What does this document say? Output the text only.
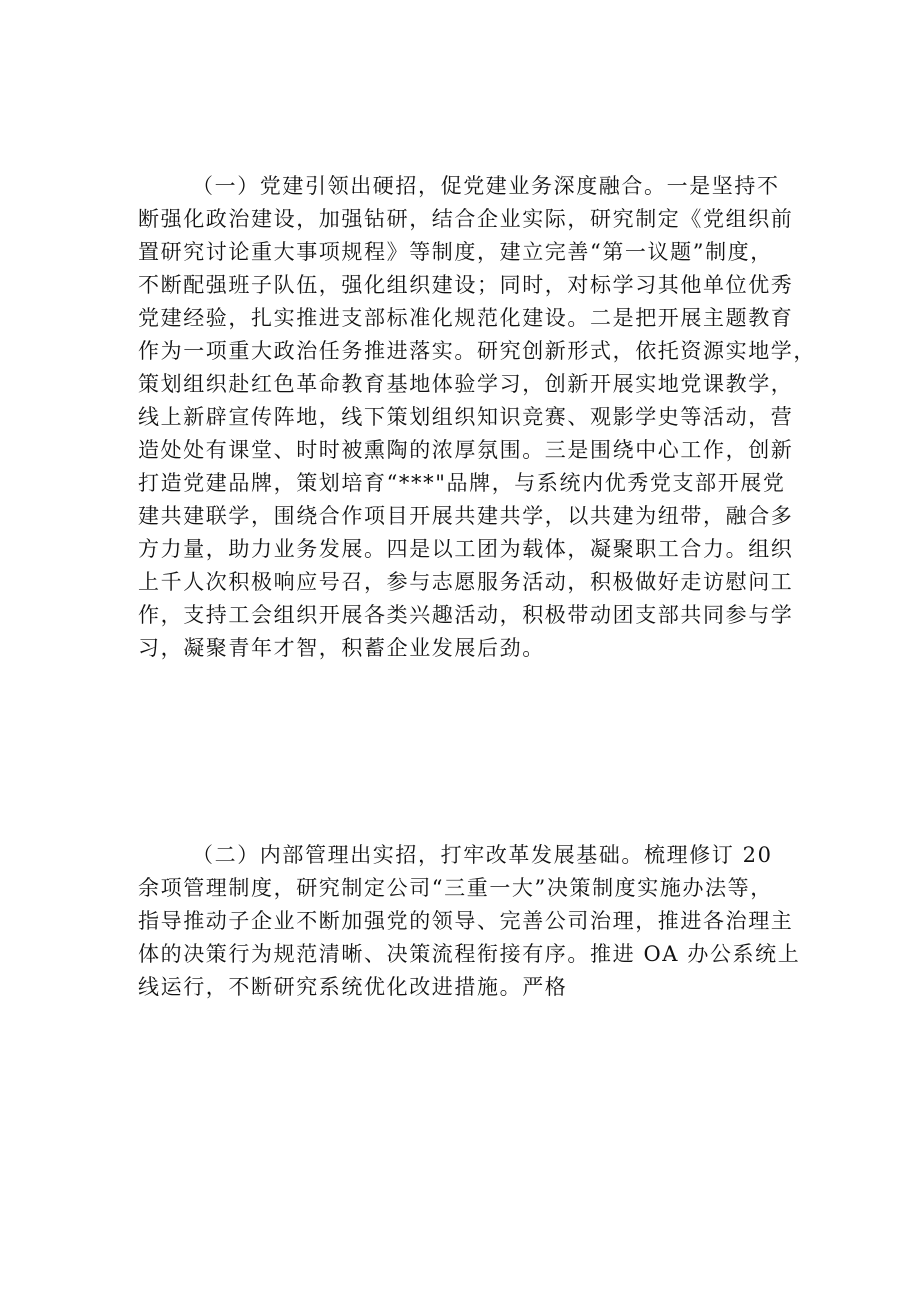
（一）党建引领出硬招，促党建业务深度融合。一是坚持不
断强化政治建设，加强钻研，结合企业实际，研究制定《党组织前
置研究讨论重大事项规程》等制度，建立完善“第一议题”制度，
不断配强班子队伍，强化组织建设；同时，对标学习其他单位优秀
党建经验，扎实推进支部标准化规范化建设。二是把开展主题教育
作为一项重大政治任务推进落实。研究创新形式，依托资源实地学，
策划组织赴红色革命教育基地体验学习，创新开展实地党课教学，
线上新辟宣传阵地，线下策划组织知识竞赛、观影学史等活动，营
造处处有课堂、时时被熏陶的浓厚氛围。三是围绕中心工作，创新
打造党建品牌，策划培育“***"品牌，与系统内优秀党支部开展党
建共建联学，围绕合作项目开展共建共学，以共建为纽带，融合多
方力量，助力业务发展。四是以工团为载体，凝聚职工合力。组织
上千人次积极响应号召，参与志愿服务活动，积极做好走访慰问工
作，支持工会组织开展各类兴趣活动，积极带动团支部共同参与学
习，凝聚青年才智，积蓄企业发展后劲。
（二）内部管理出实招，打牢改革发展基础。梳理修订 20
余项管理制度，研究制定公司“三重一大”决策制度实施办法等，
指导推动子企业不断加强党的领导、完善公司治理，推进各治理主
体的决策行为规范清晰、决策流程衔接有序。推进 OA 办公系统上
线运行，不断研究系统优化改进措施。严格
